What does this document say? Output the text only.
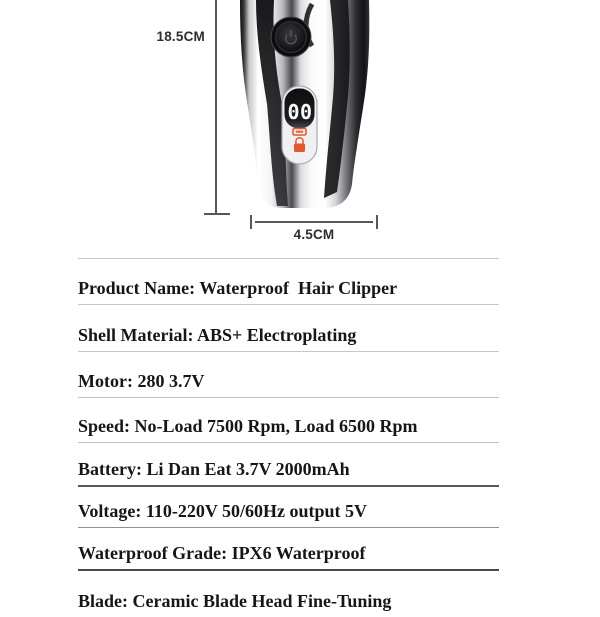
00
18.5CM
4.5CM
Product Name: Waterproof  Hair Clipper
Shell Material: ABS+ Electroplating
Motor: 280 3.7V
Speed: No-Load 7500 Rpm, Load 6500 Rpm
Battery: Li Dan Eat 3.7V 2000mAh
Voltage: 110-220V 50/60Hz output 5V
Waterproof Grade: IPX6 Waterproof
Blade: Ceramic Blade Head Fine-Tuning
